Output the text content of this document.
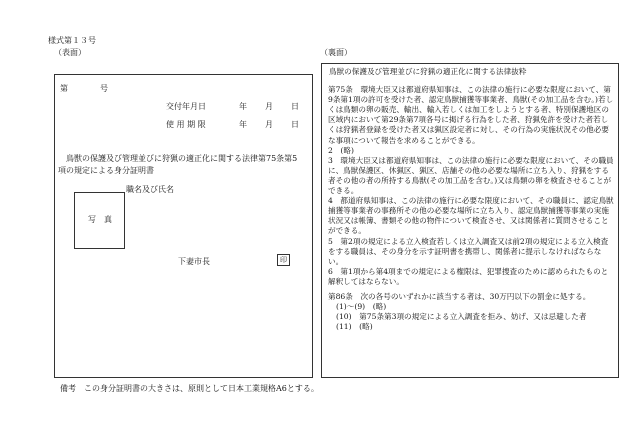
様式第１３号
（表面）	（裏面）
第	号
交付年月日	年 月 日
使 用 期 限	年 月 日
鳥獣の保護及び管理並びに狩猟の適正化に関する法律第75条第5
項の規定による身分証明書
職名及び氏名
写　真
下妻市長	印

鳥獣の保護及び管理並びに狩猟の適正化に関する法律抜粋

第75条　環境大臣又は都道府県知事は、この法律の施行に必要な限度において、第9条第1項の許可を受けた者、認定鳥獣捕獲等事業者、鳥獣(その加工品を含む。)若しくは鳥類の卵の販売、輸出、輸入若しくは加工をしようとする者、特別保護地区の区域内において第29条第7項各号に掲げる行為をした者、狩猟免許を受けた者若しくは狩猟者登録を受けた者又は猟区設定者に対し、その行為の実施状況その他必要な事項について報告を求めることができる。

2　(略)

3　環境大臣又は都道府県知事は、この法律の施行に必要な限度において、その職員に、鳥獣保護区、休猟区、猟区、店舗その他の必要な場所に立ち入り、狩猟をする者その他の者の所持する鳥獣(その加工品を含む。)又は鳥類の卵を検査させることができる。

4　都道府県知事は、この法律の施行に必要な限度において、その職員に、認定鳥獣捕獲等事業者の事務所その他の必要な場所に立ち入り、認定鳥獣捕獲等事業の実施状況又は帳簿、書類その他の物件について検査させ、又は関係者に質問させることができる。

5　第2項の規定による立入検査若しくは立入調査又は前2項の規定による立入検査をする職員は、その身分を示す証明書を携帯し、関係者に提示しなければならない。

6　第1項から第4項までの規定による権限は、犯罪捜査のために認められたものと解釈してはならない。

第86条　次の各号のいずれかに該当する者は、30万円以下の罰金に処する。

(1)～(9)　(略)

(10)　第75条第3項の規定による立入調査を拒み、妨げ、又は忌避した者

(11)　(略)

備考　この身分証明書の大きさは、原則として日本工業規格A6とする。
